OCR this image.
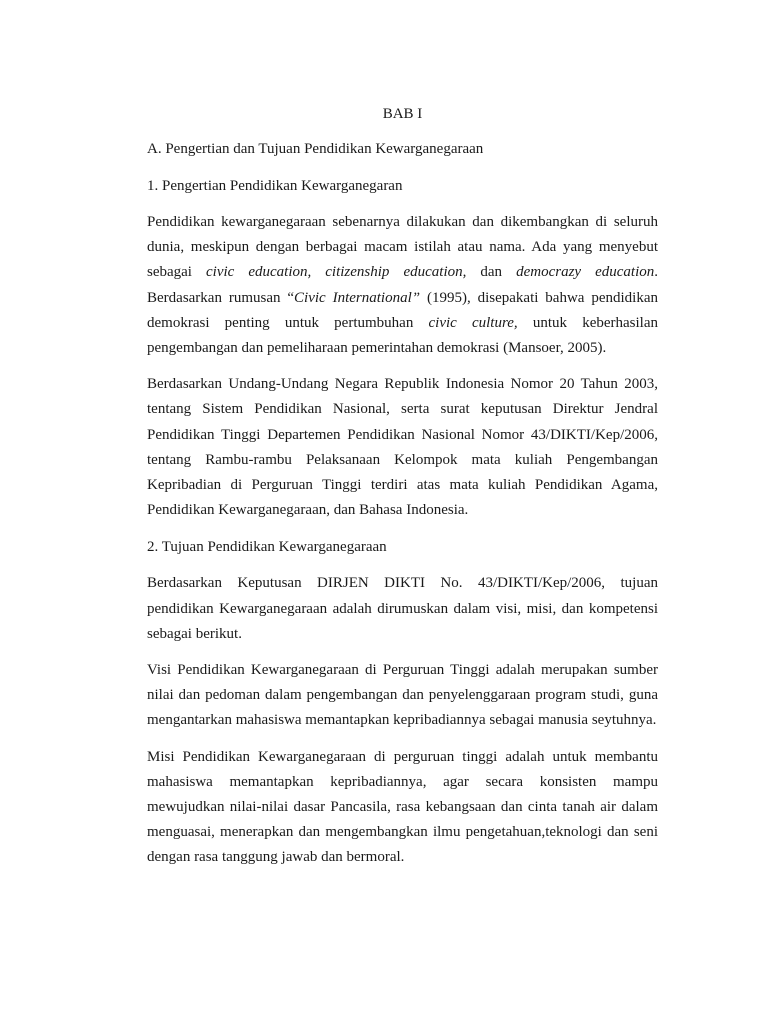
BAB I
A. Pengertian dan Tujuan Pendidikan Kewarganegaraan
1. Pengertian Pendidikan Kewarganegaran

Pendidikan kewarganegaraan sebenarnya dilakukan dan dikembangkan di seluruh dunia, meskipun dengan berbagai macam istilah atau nama. Ada yang menyebut sebagai civic education, citizenship education, dan democrazy education. Berdasarkan rumusan “Civic International” (1995), disepakati bahwa pendidikan demokrasi penting untuk pertumbuhan civic culture, untuk keberhasilan pengembangan dan pemeliharaan pemerintahan demokrasi (Mansoer, 2005).

Berdasarkan Undang-Undang Negara Republik Indonesia Nomor 20 Tahun 2003, tentang Sistem Pendidikan Nasional, serta surat keputusan Direktur Jendral Pendidikan Tinggi Departemen Pendidikan Nasional Nomor 43/DIKTI/Kep/2006, tentang Rambu-rambu Pelaksanaan Kelompok mata kuliah Pengembangan Kepribadian di Perguruan Tinggi terdiri atas mata kuliah Pendidikan Agama, Pendidikan Kewarganegaraan, dan Bahasa Indonesia.

2. Tujuan Pendidikan Kewarganegaraan

Berdasarkan Keputusan DIRJEN DIKTI No. 43/DIKTI/Kep/2006, tujuan pendidikan Kewarganegaraan adalah dirumuskan dalam visi, misi, dan kompetensi sebagai berikut.

Visi Pendidikan Kewarganegaraan di Perguruan Tinggi adalah merupakan sumber nilai dan pedoman dalam pengembangan dan penyelenggaraan program studi, guna mengantarkan mahasiswa memantapkan kepribadiannya sebagai manusia seytuhnya.

Misi Pendidikan Kewarganegaraan di perguruan tinggi adalah untuk membantu mahasiswa memantapkan kepribadiannya, agar secara konsisten mampu mewujudkan nilai-nilai dasar Pancasila, rasa kebangsaan dan cinta tanah air dalam menguasai, menerapkan dan mengembangkan ilmu pengetahuan,teknologi dan seni dengan rasa tanggung jawab dan bermoral.
